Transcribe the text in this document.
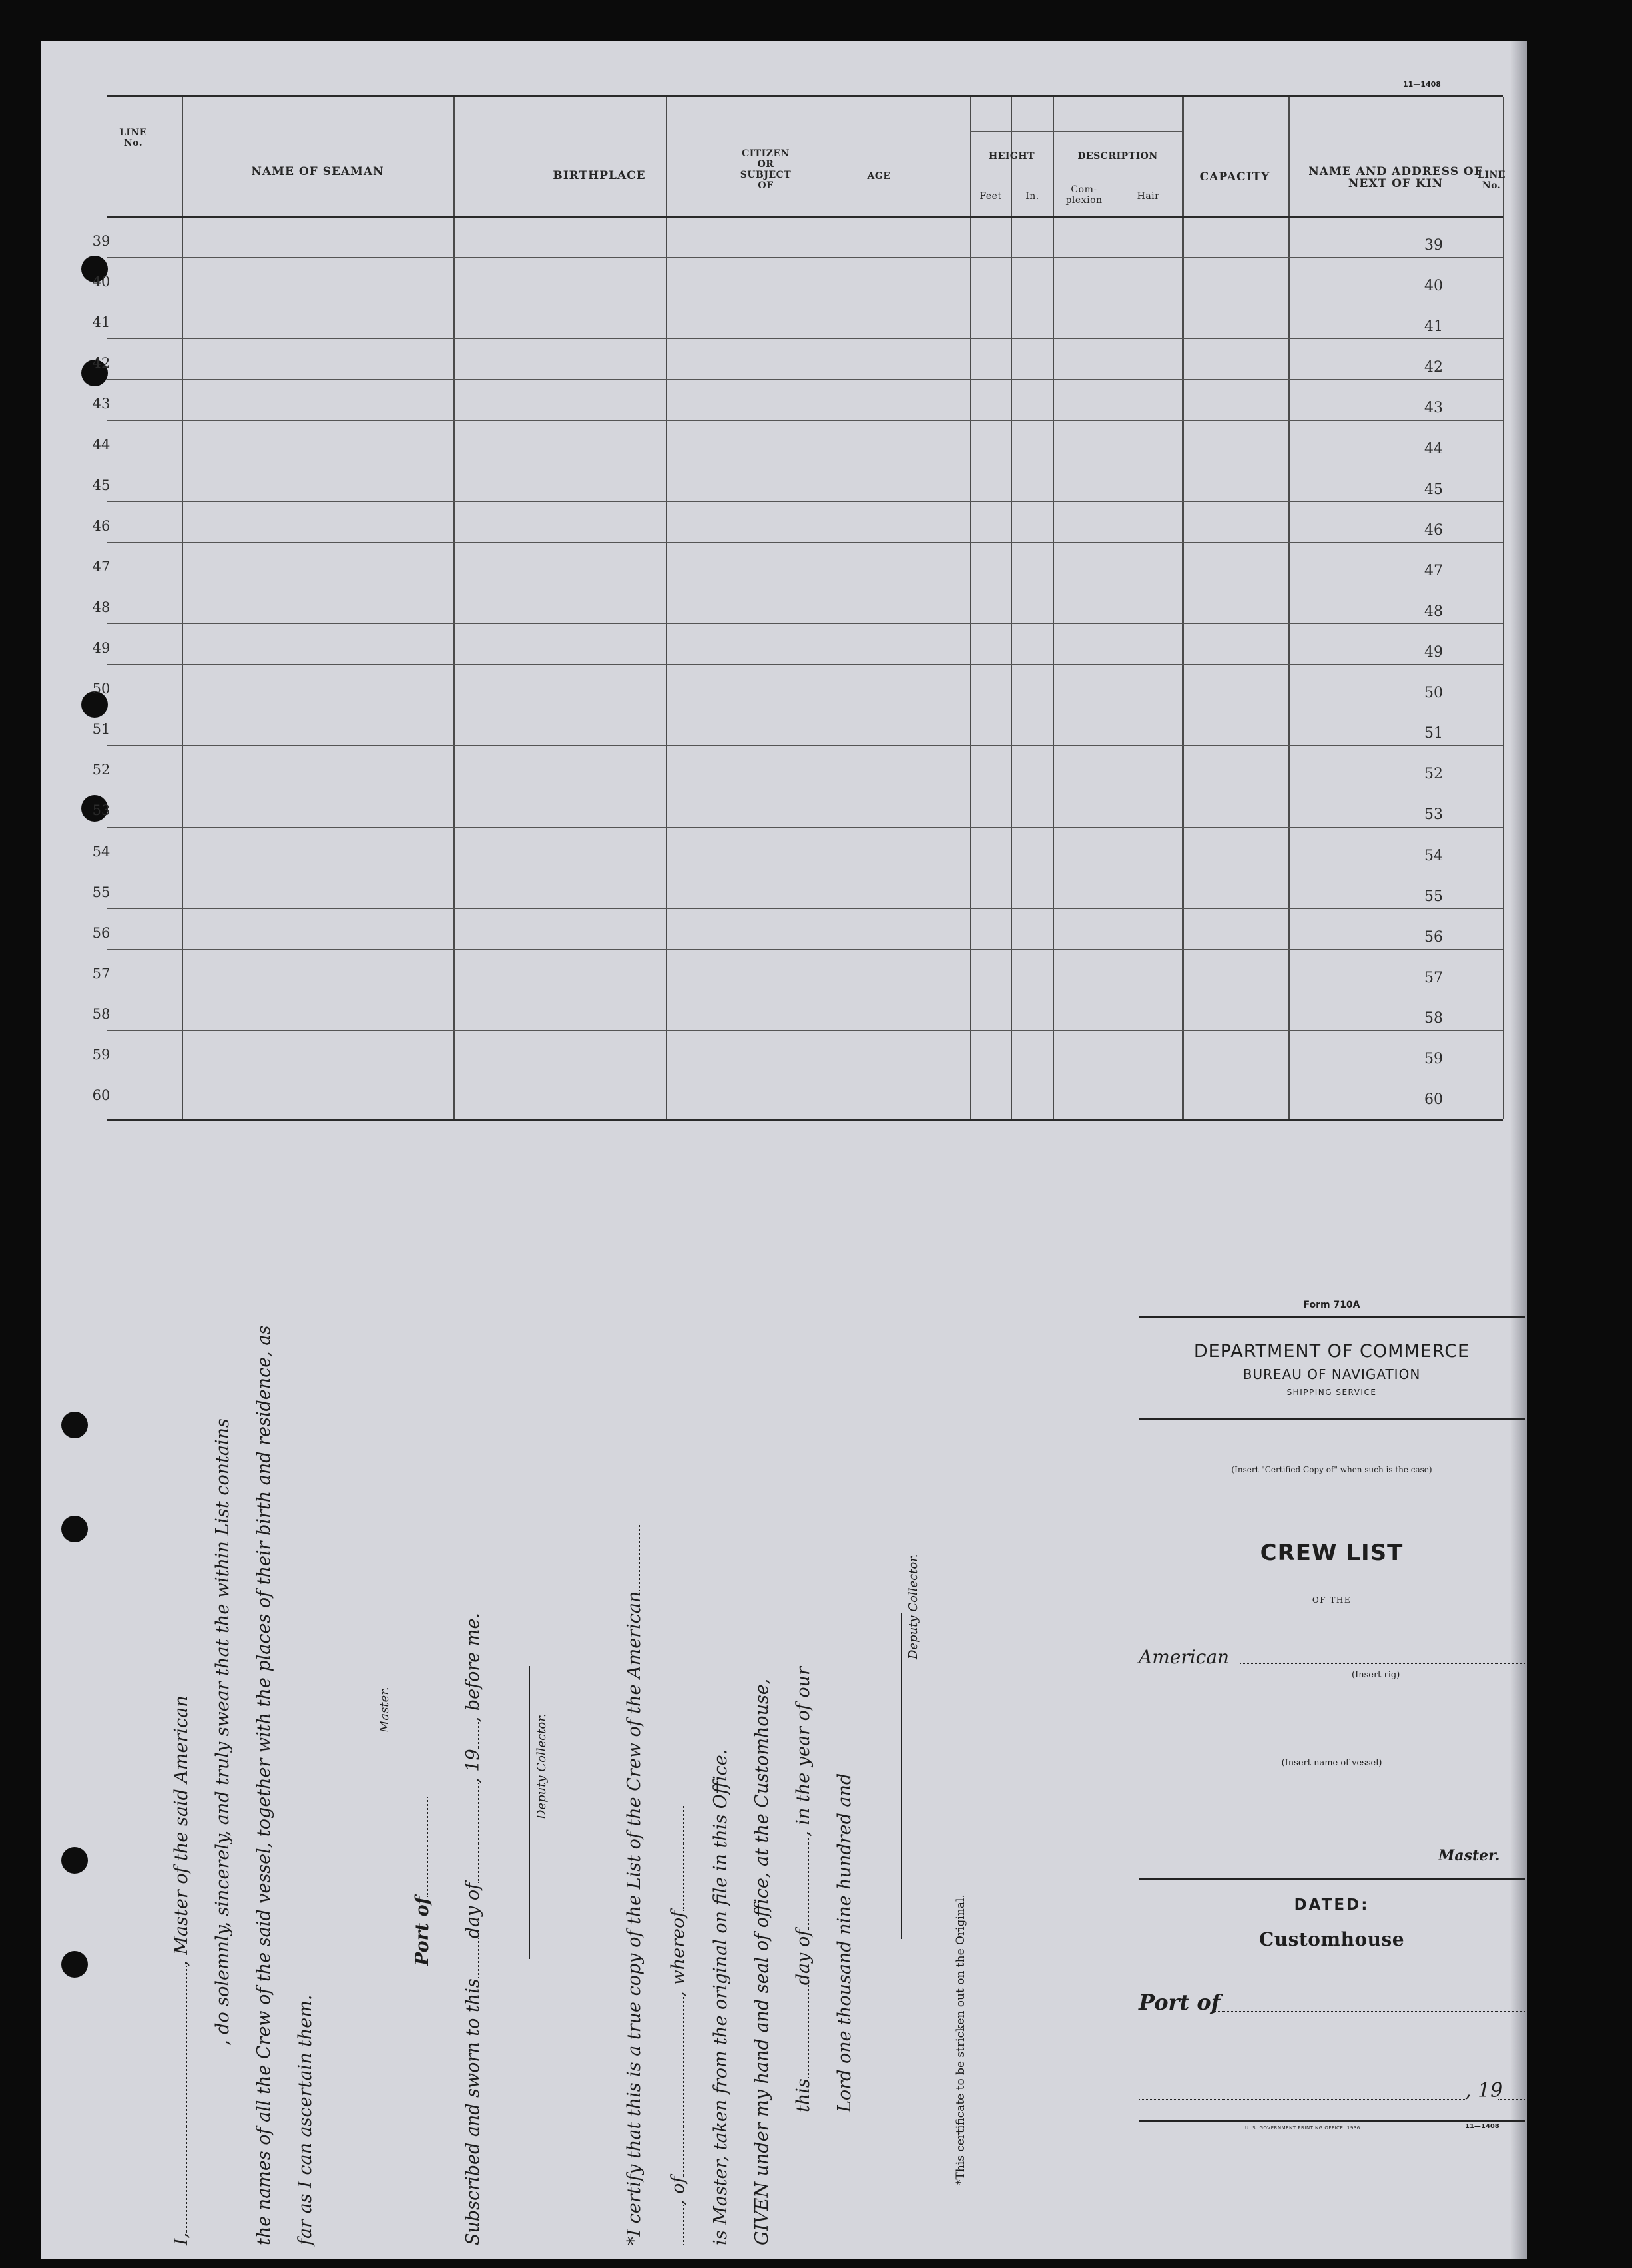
11—1408
LINE
No.
NAME OF SEAMAN	BIRTHPLACE
CITIZEN
OR
SUBJECT
OF
AGE
HEIGHT
Feet	In.
DESCRIPTION
Com-
plexion	Hair
CAPACITY	NAME AND ADDRESS OF
NEXT OF KIN
LINE
No.
39	39
40	40
41	41
42	42
43	43
44	44
45	45
46	46
47	47
48	48
49	49
50	50
51	51
52	52
53	53
54	54
55	55
56	56
57	57
58	58
59	59
60	60
I,, Master of the said American , do solemnly, sincerely, and truly swear that the within List contains the names of all the Crew of the said vessel, together with the places of their birth and residence, as far as I can ascertain them.
Master.
Port of
Subscribed and sworn to thisday of, 19, before me.
Deputy Collector.	*I certify that this is a true copy of the List of the Crew of the American , of, whereof is Master, taken from the original on file in this Office. GIVEN under my hand and seal of office, at the Customhouse, thisday of, in the year of our
Lord one thousand nine hundred and
Deputy Collector.
*This certificate to be stricken out on the Original.
Form 710A
DEPARTMENT OF COMMERCE
BUREAU OF NAVIGATION
SHIPPING SERVICE
(Insert "Certified Copy of" when such is the case)
CREW LIST
OF THE
American
(Insert rig)
(Insert name of vessel)
Master.
DATED:
Customhouse
Port of
, 19
U. S. GOVERNMENT PRINTING OFFICE: 1936	11—1408
